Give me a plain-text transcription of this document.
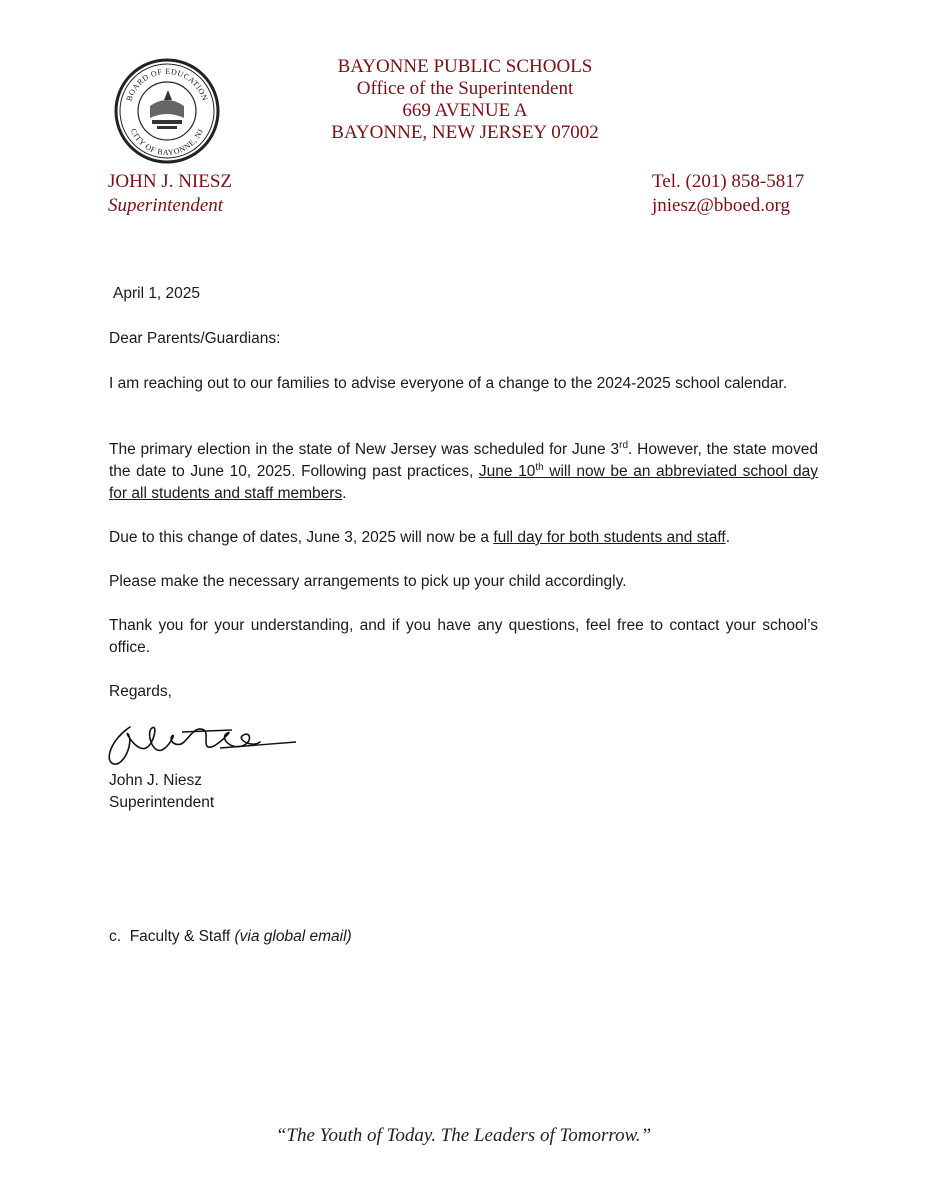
BOARD OF EDUCATION
CITY OF BAYONNE, NJ
BAYONNE PUBLIC SCHOOLS
Office of the Superintendent
669 AVENUE A
BAYONNE, NEW JERSEY 07002
JOHN J. NIESZ
Superintendent
Tel. (201) 858-5817
jniesz@bboed.org
April 1, 2025
Dear Parents/Guardians:
I am reaching out to our families to advise everyone of a change to the 2024-2025 school calendar.
The primary election in the state of New Jersey was scheduled for June 3rd. However, the state moved the date to June 10, 2025. Following past practices, June 10th will now be an abbreviated school day for all students and staff members.
Due to this change of dates, June 3, 2025 will now be a full day for both students and staff.
Please make the necessary arrangements to pick up your child accordingly.
Thank you for your understanding, and if you have any questions, feel free to contact your school’s office.
Regards,
John J. Niesz
Superintendent
c. Faculty & Staff (via global email)
“The Youth of Today. The Leaders of Tomorrow.”
